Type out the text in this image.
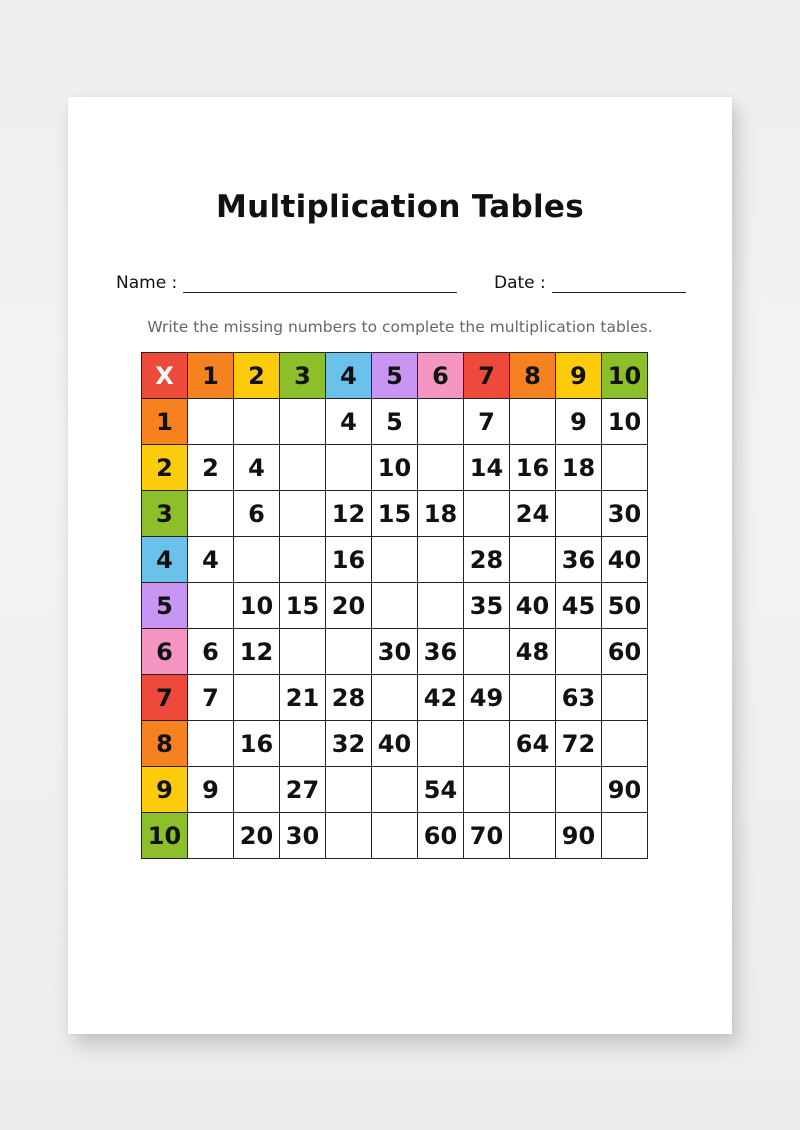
Multiplication Tables
Name :	Date :
Write the missing numbers to complete the multiplication tables.
X	1	2	3	4	5	6	7	8	9	10
1				4	5		7		9	10
2	2	4			10		14	16	18	
3		6		12	15	18		24		30
4	4			16			28		36	40
5		10	15	20			35	40	45	50
6	6	12			30	36		48		60
7	7		21	28		42	49		63	
8		16		32	40			64	72	
9	9		27			54				90
10		20	30			60	70		90	
